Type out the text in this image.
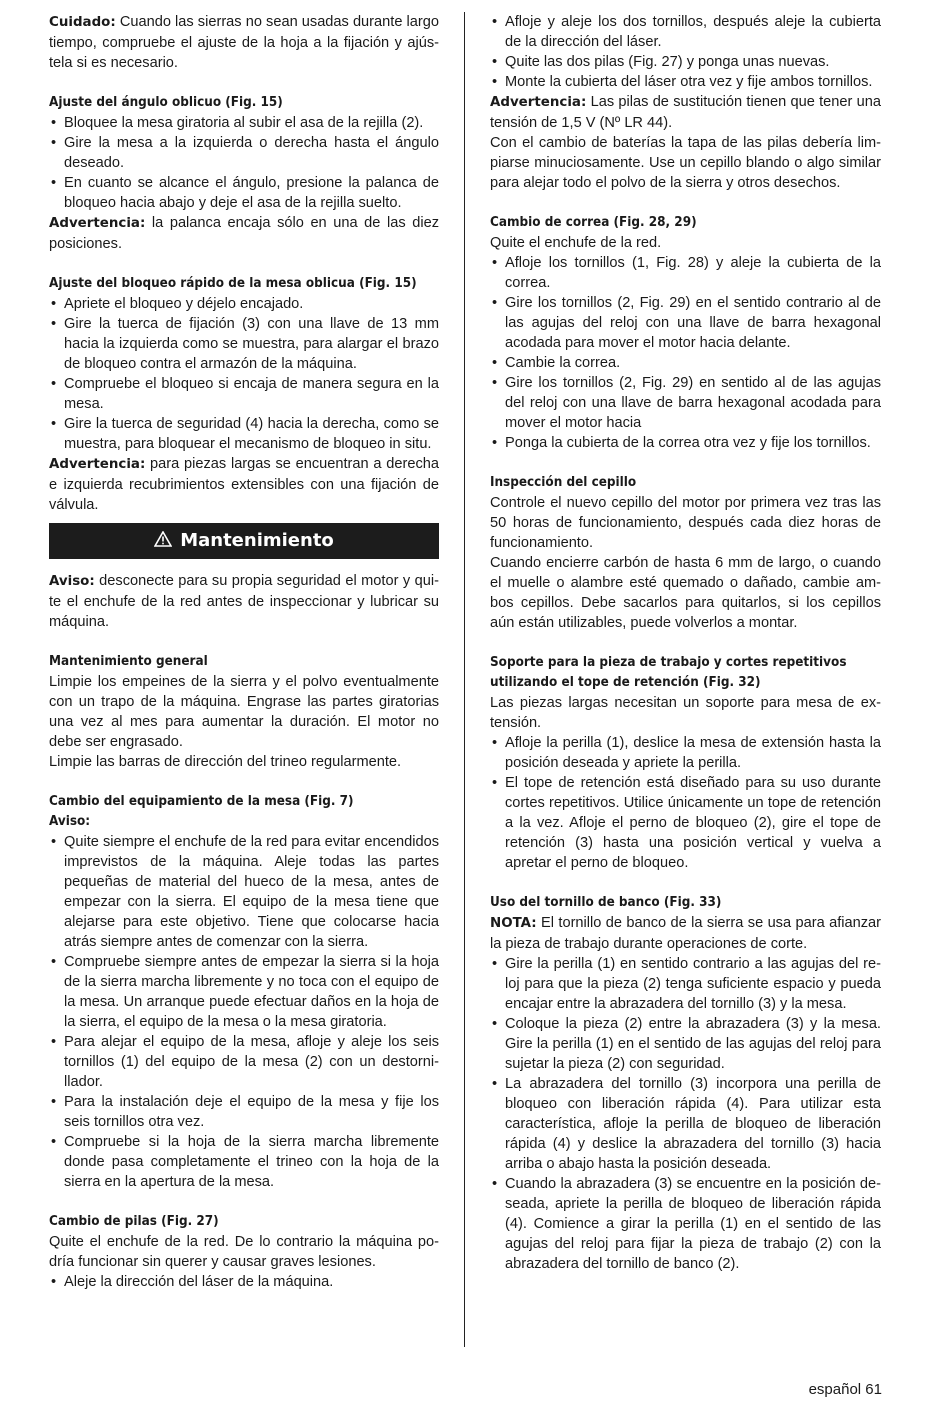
Cuidado: Cuando las sierras no sean usadas durante largo tiempo, compruebe el ajuste de la hoja a la fijación y ajústela si es necesario.

Ajuste del ángulo oblicuo (Fig. 15)

• Bloquee la mesa giratoria al subir el asa de la rejilla (2).

• Gire la mesa a la izquierda o derecha hasta el ángulo deseado.

• En cuanto se alcance el ángulo, presione la palanca de bloqueo hacia abajo y deje el asa de la rejilla suelto.

Advertencia: la palanca encaja sólo en una de las diez posiciones.

Ajuste del bloqueo rápido de la mesa oblicua (Fig. 15)

• Apriete el bloqueo y déjelo encajado.

• Gire la tuerca de fijación (3) con una llave de 13 mm hacia la izquierda como se muestra, para alargar el brazo de bloqueo contra el armazón de la máquina.

• Compruebe el bloqueo si encaja de manera segura en la mesa.

• Gire la tuerca de seguridad (4) hacia la derecha, como se muestra, para bloquear el mecanismo de bloqueo in situ.

Advertencia: para piezas largas se encuentran a derecha e izquierda recubrimientos extensibles con una fijación de válvula.

Mantenimiento

Aviso: desconecte para su propia seguridad el motor y quite el enchufe de la red antes de inspeccionar y lubricar su máquina.

Mantenimiento general

Limpie los empeines de la sierra y el polvo eventualmente con un trapo de la máquina. Engrase las partes giratorias una vez al mes para aumentar la duración. El motor no debe ser engrasado.

Limpie las barras de dirección del trineo regularmente.

Cambio del equipamiento de la mesa (Fig. 7)

Aviso:

• Quite siempre el enchufe de la red para evitar encendidos imprevistos de la máquina. Aleje todas las partes pequeñas de material del hueco de la mesa, antes de empezar con la sierra. El equipo de la mesa tiene que alejarse para este objetivo. Tiene que colocarse hacia atrás siempre antes de comenzar con la sierra.

• Compruebe siempre antes de empezar la sierra si la hoja de la sierra marcha libremente y no toca con el equipo de la mesa. Un arranque puede efectuar daños en la hoja de la sierra, el equipo de la mesa o la mesa giratoria.

• Para alejar el equipo de la mesa, afloje y aleje los seis tornillos (1) del equipo de la mesa (2) con un destornillador.

• Para la instalación deje el equipo de la mesa y fije los seis tornillos otra vez.

• Compruebe si la hoja de la sierra marcha libremente donde pasa completamente el trineo con la hoja de la sierra en la apertura de la mesa.

Cambio de pilas (Fig. 27)

Quite el enchufe de la red. De lo contrario la máquina podría funcionar sin querer y causar graves lesiones.

• Aleje la dirección del láser de la máquina.

• Afloje y aleje los dos tornillos, después aleje la cubierta de la dirección del láser.

• Quite las dos pilas (Fig. 27) y ponga unas nuevas.

• Monte la cubierta del láser otra vez y fije ambos tornillos.

Advertencia: Las pilas de sustitución tienen que tener una tensión de 1,5 V (Nº LR 44).

Con el cambio de baterías la tapa de las pilas debería limpiarse minuciosamente. Use un cepillo blando o algo similar para alejar todo el polvo de la sierra y otros desechos.

Cambio de correa (Fig. 28, 29)

Quite el enchufe de la red.

• Afloje los tornillos (1, Fig. 28) y aleje la cubierta de la correa.

• Gire los tornillos (2, Fig. 29) en el sentido contrario al de las agujas del reloj con una llave de barra hexagonal acodada para mover el motor hacia delante.

• Cambie la correa.

• Gire los tornillos (2, Fig. 29) en sentido al de las agujas del reloj con una llave de barra hexagonal acodada para mover el motor hacia

• Ponga la cubierta de la correa otra vez y fije los tornillos.

Inspección del cepillo

Controle el nuevo cepillo del motor por primera vez tras las 50 horas de funcionamiento, después cada diez horas de funcionamiento.

Cuando encierre carbón de hasta 6 mm de largo, o cuando el muelle o alambre esté quemado o dañado, cambie ambos cepillos. Debe sacarlos para quitarlos, si los cepillos aún están utilizables, puede volverlos a montar.

Soporte para la pieza de trabajo y cortes repetitivos utilizando el tope de retención (Fig. 32)

Las piezas largas necesitan un soporte para mesa de extensión.

• Afloje la perilla (1), deslice la mesa de extensión hasta la posición deseada y apriete la perilla.

• El tope de retención está diseñado para su uso durante cortes repetitivos. Utilice únicamente un tope de retención a la vez. Afloje el perno de bloqueo (2), gire el tope de retención (3) hasta una posición vertical y vuelva a apretar el perno de bloqueo.

Uso del tornillo de banco (Fig. 33)

NOTA: El tornillo de banco de la sierra se usa para afianzar la pieza de trabajo durante operaciones de corte.

• Gire la perilla (1) en sentido contrario a las agujas del reloj para que la pieza (2) tenga suficiente espacio y pueda encajar entre la abrazadera del tornillo (3) y la mesa.

• Coloque la pieza (2) entre la abrazadera (3) y la mesa. Gire la perilla (1) en el sentido de las agujas del reloj para sujetar la pieza (2) con seguridad.

• La abrazadera del tornillo (3) incorpora una perilla de bloqueo con liberación rápida (4). Para utilizar esta característica, afloje la perilla de bloqueo de liberación rápida (4) y deslice la abrazadera del tornillo (3) hacia arriba o abajo hasta la posición deseada.

• Cuando la abrazadera (3) se encuentre en la posición deseada, apriete la perilla de bloqueo de liberación rápida (4). Comience a girar la perilla (1) en el sentido de las agujas del reloj para fijar la pieza de trabajo (2) con la abrazadera del tornillo de banco (2).

español 61
